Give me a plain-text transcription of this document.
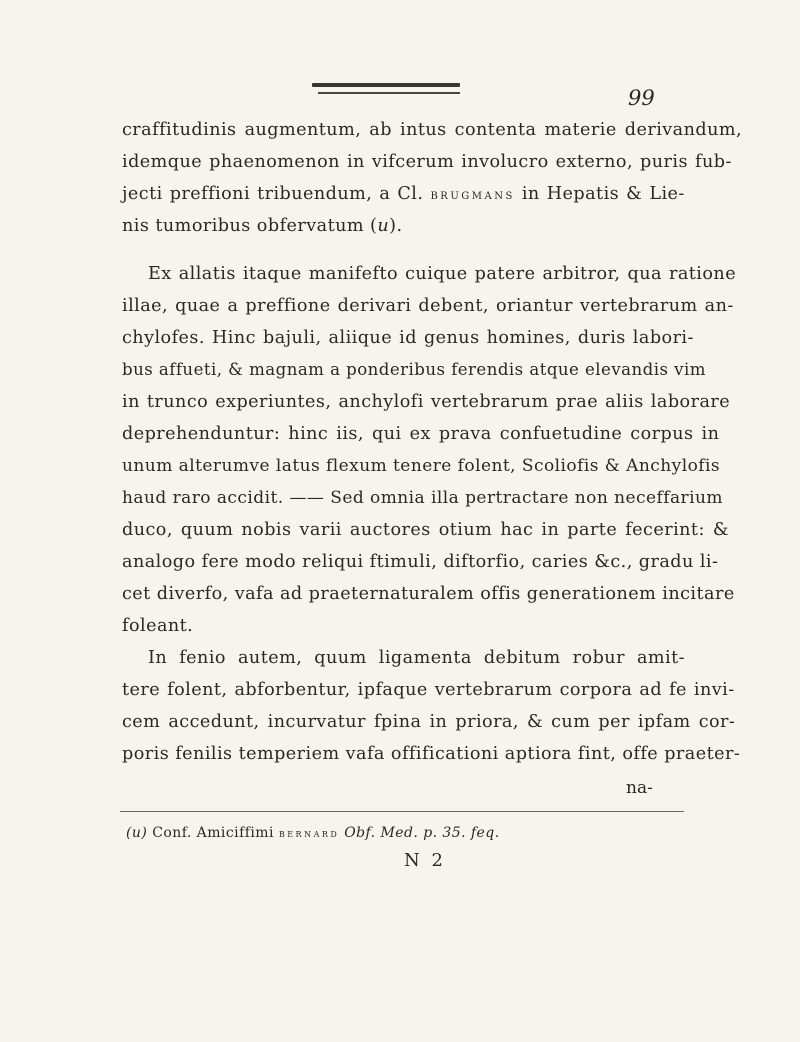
99
craffitudinis augmentum, ab intus contenta materie derivandum,
idemque phaenomenon in vifcerum involucro externo, puris fub-
jecti preffioni tribuendum, a Cl. brugmans in Hepatis & Lie-
nis tumoribus obfervatum (u).
Ex allatis itaque manifefto cuique patere arbitror, qua ratione
illae, quae a preffione derivari debent, oriantur vertebrarum an-
chylofes. Hinc bajuli, aliique id genus homines, duris labori-
bus affueti, & magnam a ponderibus ferendis atque elevandis vim
in trunco experiuntes, anchylofi vertebrarum prae aliis laborare
deprehenduntur: hinc iis, qui ex prava confuetudine corpus in
unum alterumve latus flexum tenere folent, Scoliofis & Anchylofis
haud raro accidit. —— Sed omnia illa pertractare non neceffarium
duco, quum nobis varii auctores otium hac in parte fecerint: &
analogo fere modo reliqui ftimuli, diftorfio, caries &c., gradu li-
cet diverfo, vafa ad praeternaturalem offis generationem incitare
foleant.
In fenio autem, quum ligamenta debitum robur amit-
tere folent, abforbentur, ipfaque vertebrarum corpora ad fe invi-
cem accedunt, incurvatur fpina in priora, & cum per ipfam cor-
poris fenilis temperiem vafa offificationi aptiora fint, offe praeter-
na-
(u) Conf. Amiciffimi bernard Obf. Med. p. 35. feq.
N 2
